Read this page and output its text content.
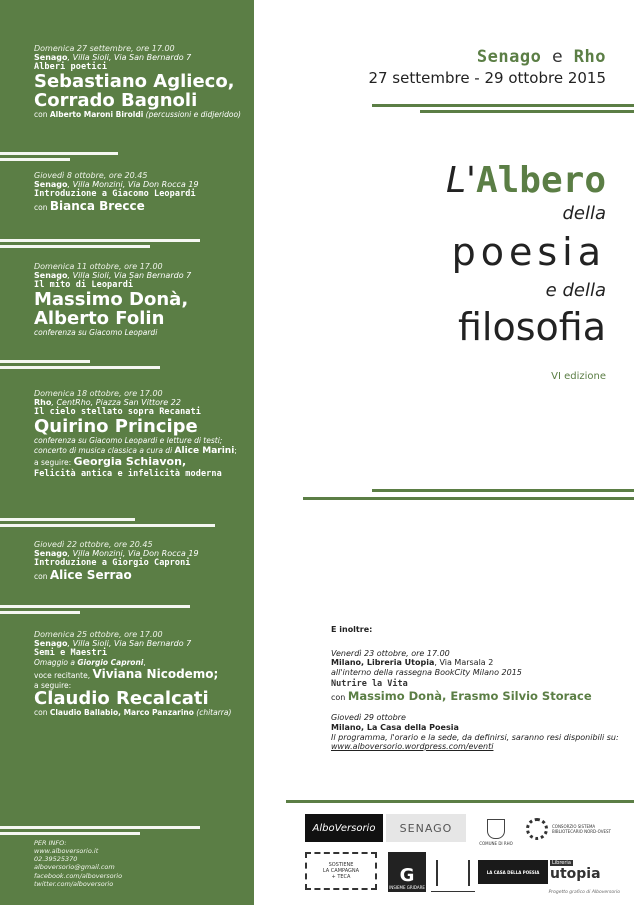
Domenica 27 settembre, ore 17.00
Senago, Villa Sioli, Via San Bernardo 7
Alberi poetici
Sebastiano Aglieco,
Corrado Bagnoli
con Alberto Maroni Biroldi (percussioni e didjeridoo)
Giovedì 8 ottobre, ore 20.45
Senago, Villa Monzini, Via Don Rocca 19
Introduzione a Giacomo Leopardi
con Bianca Brecce
Domenica 11 ottobre, ore 17.00
Senago, Villa Sioli, Via San Bernardo 7
Il mito di Leopardi
Massimo Donà,
Alberto Folin
conferenza su Giacomo Leopardi
Domenica 18 ottobre, ore 17.00
Rho, CentRho, Piazza San Vittore 22
Il cielo stellato sopra Recanati
Quirino Principe
conferenza su Giacomo Leopardi e letture di testi;
concerto di musica classica a cura di Alice Marini;
a seguire: Georgia Schiavon,
Felicità antica e infelicità moderna
Giovedì 22 ottobre, ore 20.45
Senago, Villa Monzini, Via Don Rocca 19
Introduzione a Giorgio Caproni
con Alice Serrao
Domenica 25 ottobre, ore 17.00
Senago, Villa Sioli, Via San Bernardo 7
Semi e Maestri
Omaggio a Giorgio Caproni,
voce recitante, Viviana Nicodemo;
a seguire:
Claudio Recalcati
con Claudio Ballabio, Marco Panzarino (chitarra)
PER INFO:
www.alboversorio.it
02.39525370
alboversorio@gmail.com
facebook.com/alboversorio
twitter.com/alboversorio
Senago e Rho
27 settembre - 29 ottobre 2015
L'Albero
della
poesia
e della
filosofia
VI edizione
E inoltre:
Venerdì 23 ottobre, ore 17.00
Milano, Libreria Utopia, Via Marsala 2
all'interno della rassegna BookCity Milano 2015
Nutrire la Vita
con Massimo Donà, Erasmo Silvio Storace
Giovedì 29 ottobre
Milano, La Casa della Poesia
Il programma, l'orario e la sede, da definirsi, saranno resi disponibili su:
www.alboversorio.wordpress.com/eventi
AlboVersorio	SENAGO
COMUNE DI RHO
CONSORZIO SISTEMA BIBLIOTECARIO NORD-OVEST
SOSTIENE
LA CAMPAGNA
+ TECA	G
INSIEME GRIDARE
LA CASA DELLA POESIA
Libreria
utopia
Progetto grafico di Alboversorio
